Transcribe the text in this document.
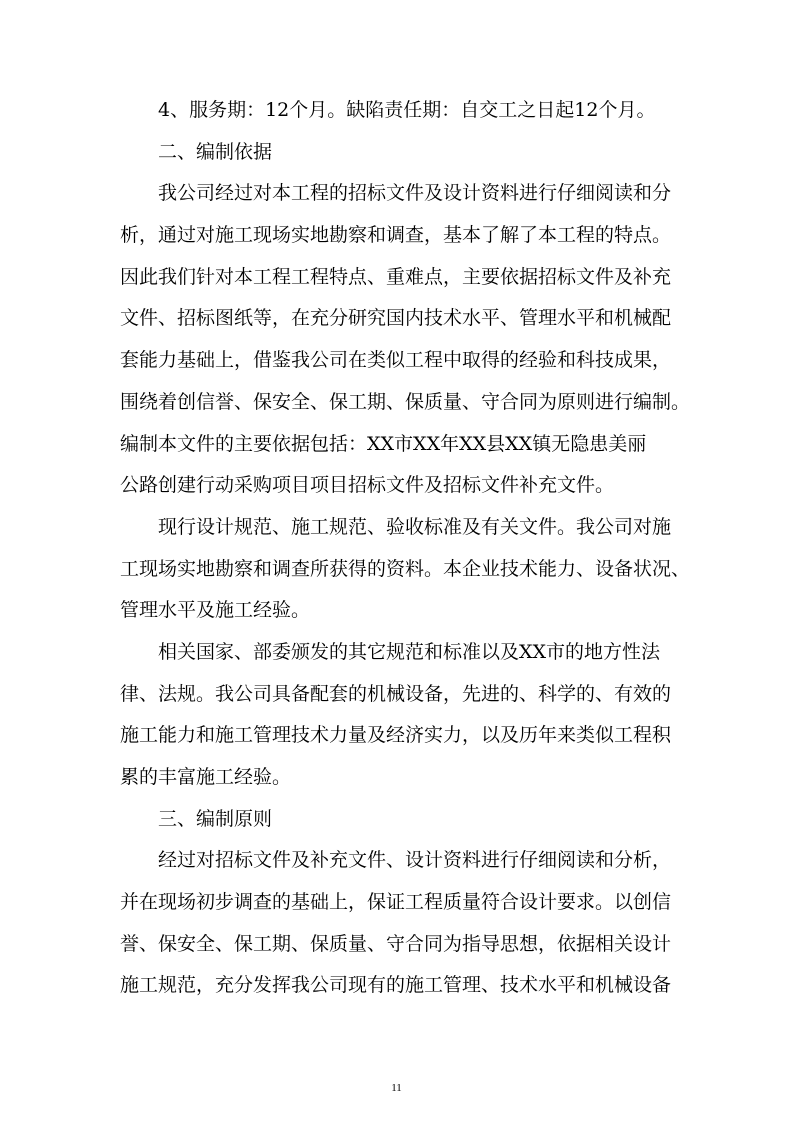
4、服务期：12个月。缺陷责任期：自交工之日起12个月。
二、编制依据
我公司经过对本工程的招标文件及设计资料进行仔细阅读和分
析，通过对施工现场实地勘察和调查，基本了解了本工程的特点。
因此我们针对本工程工程特点、重难点，主要依据招标文件及补充
文件、招标图纸等，在充分研究国内技术水平、管理水平和机械配
套能力基础上，借鉴我公司在类似工程中取得的经验和科技成果，
围绕着创信誉、保安全、保工期、保质量、守合同为原则进行编制。
编制本文件的主要依据包括：XX市XX年XX县XX镇无隐患美丽
公路创建行动采购项目项目招标文件及招标文件补充文件。
现行设计规范、施工规范、验收标准及有关文件。我公司对施
工现场实地勘察和调查所获得的资料。本企业技术能力、设备状况、
管理水平及施工经验。
相关国家、部委颁发的其它规范和标准以及XX市的地方性法
律、法规。我公司具备配套的机械设备，先进的、科学的、有效的
施工能力和施工管理技术力量及经济实力，以及历年来类似工程积
累的丰富施工经验。
三、编制原则
经过对招标文件及补充文件、设计资料进行仔细阅读和分析，
并在现场初步调查的基础上，保证工程质量符合设计要求。以创信
誉、保安全、保工期、保质量、守合同为指导思想，依据相关设计
施工规范，充分发挥我公司现有的施工管理、技术水平和机械设备
11
